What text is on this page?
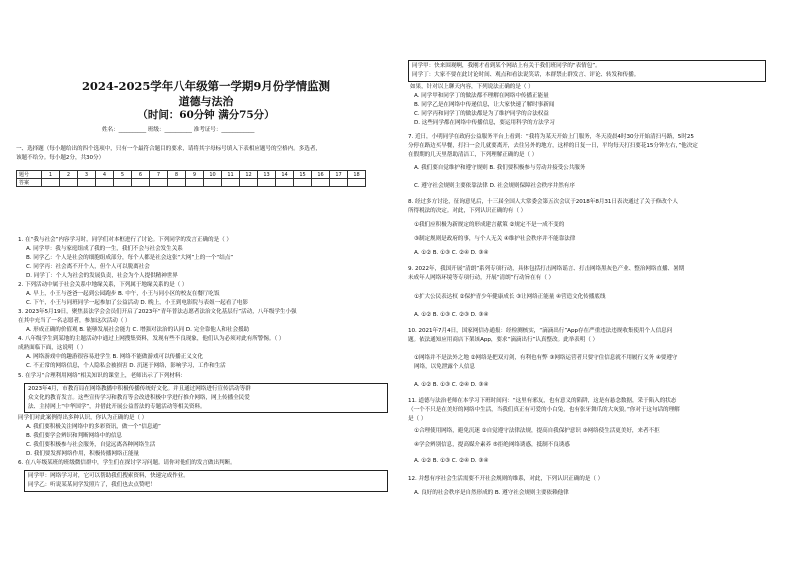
2024-2025学年八年级第一学期9月份学情监测
道德与法治
（时间：60分钟 满分75分）
姓名：__________ 班级：__________ 准考证号：____________
一、选择题（每小题给出的四个选项中，只有一个最符合题目的要求，请将其字母标号填入下表相应题号的空格内。多选者，
该题不给分。每小题2分，共30分）
题号	1	2	3	4	5	6	7	8	9	10	11	12	13	14	15	16	17	18
答案																		
1. 在“我与社会”内容学习时，同学们对本框进行了讨论。下列同学的发言正确的是（ ）
A. 同学甲：我与家庭组成了我的一生，我们不会与社会发生关系
B. 同学乙：个人是社会的细胞组成部分，每个人都是社会这张“大网”上的一个“结点”
C. 同学丙：社会离不开个人，但个人可以脱离社会
D. 同学丁：个人为社会的发展负责，社会为个人提供精神世界
2. 下列活动中属于社会关系中地缘关系，下列属于地缘关系的是（ ）
A. 早上，小王与爸爸一起到公园跑步 B. 中午，小王与同小区的校友在餐厅吃饭
C. 下午，小王与同班同学一起参加了公益活动 D. 晚上，小王到电影院与表姐一起看了电影
3. 2023年5月19日，聚焦县法学会会员们开启了2023年“青年普法志愿者法治文化基层行”活动，八年级学生小强
在其中充当了一名志愿者，参加这次活动（ ）
A. 形成正确的价值观 B. 能够发展社会能力 C. 增强对法治的认同 D. 完全靠他人和社会援助
4. 八年级学生到某地的主题活动中通过上网搜集资料，发现有些不良现象，他们认为必须对此有所警惕。（ ）
成熟面临下面，这说明（ ）
A. 网络游戏中的趣游很容易进学生 B. 网络不能做游戏可以传播正义文化
C. 不正常的网络信息，个人隐私会被损害 D. 沉迷于网络，影响学习，工作和生活
5. 在学习“合理利用网络”相关知识的课堂上，老师出示了下列材料：
2023年4月，市教育局在网络教播中积极传播传统好文化。并且通过网络进行宣传活动等群
众文化的教育发言。这些宣传学习和教育等会改进积极中学进行推介网络，网上传播全民爱
法、主持网上“中华国学”，并借此开展公益普法的专题活动等相关资料。
同学们对此案例得出多种认识，你认为正确的是（ ）
A. 我们要积极关注网络中的多彩资讯，做一个“信息通”
B. 我们要学会辨识和判断网络中的信息
C. 我们要积极参与社会服务，自觉远离各种网络生活
D. 我们要发挥网络作用，积极传播网络正能量
6. 在八年级某班的班级微信群中，学生们在探讨学习问题。请你对他们的发言做出判断。
同学甲：网络学习对，它可以帮助我们搜索资料，快速完成作业。
同学乙：听说某某同学发照片了，我们也去点赞吧！
同学甲：快来围观啊，我刚才看到某个网站上有关于我们班同学的“表情包”。
同学丁：大家不要在此讨论时间、观点和看法说笑话，本群禁止群发言、评论、转发和传播。
如果，针对以上聊天内容，下列说法正确的是（ ）
A. 同学甲和同学丁的做法都不理解在网络中传播正能量
B. 同学乙是在网络中传递信息，让大家快速了解时事新闻
C. 同学丙和同学丁的做法都是为了维护同学的合法权益
D. 这些同学都在网络中传播信息，要运用科学的方法学习
7. 近日，小明同学在政府公益服务平台上看到：“我将为某天开始上门服务，冬天凌晨4时30分开始清扫马路，5时25
分停在路边买早餐，打扫一会儿就要离开，去往另外的地方，这样的日复一日，平均每天打扫要花15分钟左右，”他决定
在假期的几天里帮助清洁工，下列理解正确的是（ ）
A. 我们要自觉维护和遵守规则 B. 我们要积极参与劳动并接受公共服务
C. 遵守社会规则主要依靠法律 D. 社会规则保障社会秩序井然有序
8. 经过多方讨论，征询意见后，十三届全国人大常委会第五次会议于2018年8月31日表决通过了关于修改个人
所得税法的决定。对此，下列认识正确的有（ ）
①我们应积极为新规定的形成建言献策 ②规定不是一成不变的
③制定规则是政府的事，与个人无关 ④维护社会秩序并不能靠法律
A. ①② B. ①③ C. ②④ D. ③④
9. 2022年，我国开展“清朗”系列专项行动，具体包括打击网络谣言、打击网络黑灰色产业、整治网络直播、暑期
未成年人网络环境等专项行动，开展“清朗”行动旨在有（ ）
①扩大公民表达权 ②保护青少年健康成长 ③让网络正能量 ④营造文化传播底线
A. ①② B. ①③ C. ②③ D. ③④
10. 2021年7月4日，国家网信办通报：经检测核实，“滴滴出行”App存在严重违法违规收集使用个人信息问
题。依法通知应用商店下架该App，要求“滴滴出行”认真整改。此举表明（ ）
①网络并不是法外之地 ②网络是把双刃剑，有利也有弊 ③网络运营者只要守住信息就不用履行义务 ④要遵守
网络，以免泄露个人信息
A. ①② B. ①③ C. ②④ D. ③④
11. 道德与法治老师在本学习下班时间问：“这里有邪友，也有意义的陷阱，这是有悬念数据，采于陷入的状态
（一个不只是在美好的网络中生活，当我们真正有可爱的小白兔，也有张牙舞爪的大灰狼。”你对于这句话的理解
是（ ）
①合理使用网络，避免沉迷 ②自觉遵守法律法规，提高自我保护意识 ③网络使生活更美好，来者不拒
④学会辨别信息，提高媒介素养 ⑤拒绝网络诱惑，抵制不良诱惑
A. ①② B. ①③ C. ②④ D. ③④
12. 并想有序社会生活需要不开社会规则的维系，对此，下列认识正确的是（ ）
A. 良好的社会秩序是自然形成的 B. 遵守社会规则主要依赖他律
